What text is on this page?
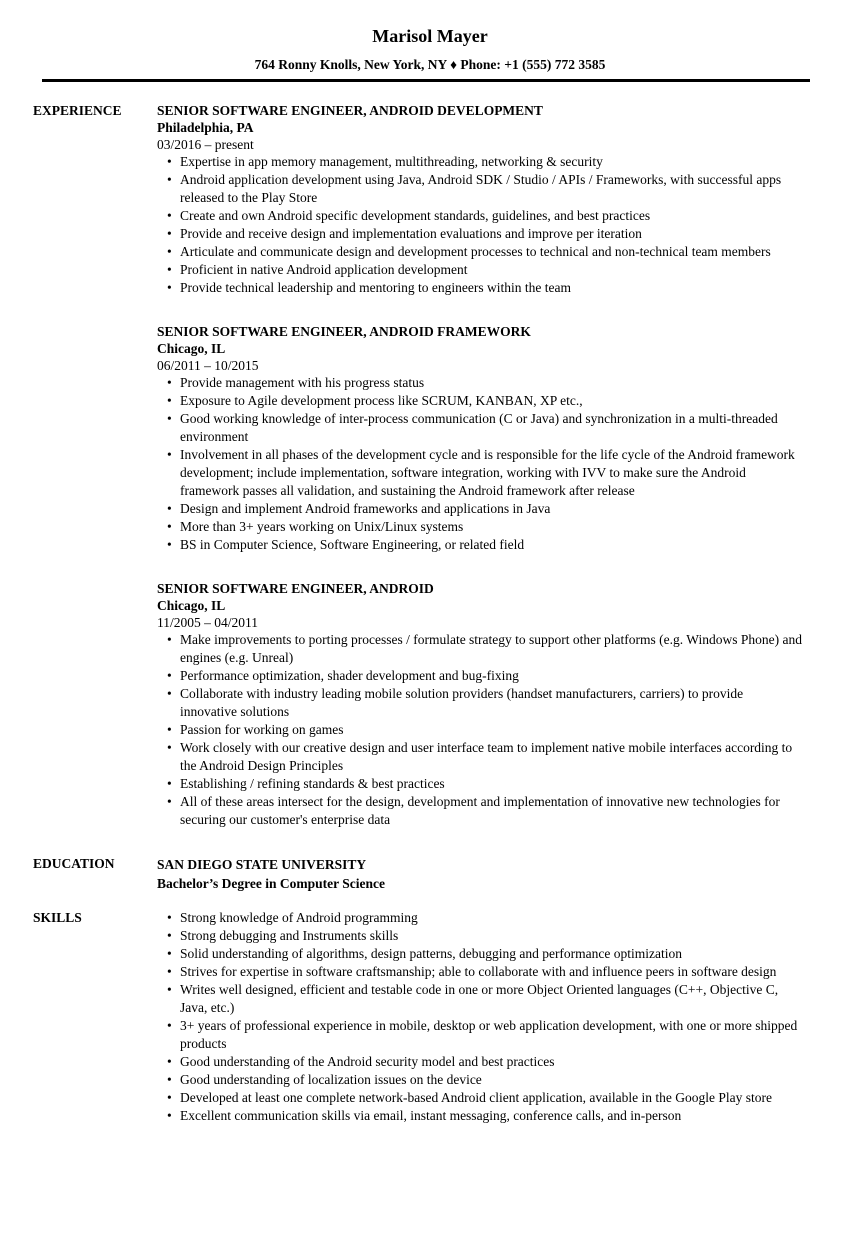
Marisol Mayer
764 Ronny Knolls, New York, NY ♦ Phone: +1 (555) 772 3585
EXPERIENCE	SENIOR SOFTWARE ENGINEER, ANDROID DEVELOPMENT
Philadelphia, PA
03/2016 – present
• Expertise in app memory management, multithreading, networking & security
• Android application development using Java, Android SDK / Studio / APIs / Frameworks, with successful apps released to the Play Store
• Create and own Android specific development standards, guidelines, and best practices
• Provide and receive design and implementation evaluations and improve per iteration
• Articulate and communicate design and development processes to technical and non-technical team members
• Proficient in native Android application development
• Provide technical leadership and mentoring to engineers within the team
SENIOR SOFTWARE ENGINEER, ANDROID FRAMEWORK
Chicago, IL
06/2011 – 10/2015
• Provide management with his progress status
• Exposure to Agile development process like SCRUM, KANBAN, XP etc.,
• Good working knowledge of inter-process communication (C or Java) and synchronization in a multi-threaded environment
• Involvement in all phases of the development cycle and is responsible for the life cycle of the Android framework development; include implementation, software integration, working with IVV to make sure the Android framework passes all validation, and sustaining the Android framework after release
• Design and implement Android frameworks and applications in Java
• More than 3+ years working on Unix/Linux systems
• BS in Computer Science, Software Engineering, or related field
SENIOR SOFTWARE ENGINEER, ANDROID
Chicago, IL
11/2005 – 04/2011
• Make improvements to porting processes / formulate strategy to support other platforms (e.g. Windows Phone) and engines (e.g. Unreal)
• Performance optimization, shader development and bug-fixing
• Collaborate with industry leading mobile solution providers (handset manufacturers, carriers) to provide innovative solutions
• Passion for working on games
• Work closely with our creative design and user interface team to implement native mobile interfaces according to the Android Design Principles
• Establishing / refining standards & best practices
• All of these areas intersect for the design, development and implementation of innovative new technologies for securing our customer's enterprise data
EDUCATION	SAN DIEGO STATE UNIVERSITY
Bachelor’s Degree in Computer Science
SKILLS	• Strong knowledge of Android programming
• Strong debugging and Instruments skills
• Solid understanding of algorithms, design patterns, debugging and performance optimization
• Strives for expertise in software craftsmanship; able to collaborate with and influence peers in software design
• Writes well designed, efficient and testable code in one or more Object Oriented languages (C++, Objective C, Java, etc.)
• 3+ years of professional experience in mobile, desktop or web application development, with one or more shipped products
• Good understanding of the Android security model and best practices
• Good understanding of localization issues on the device
• Developed at least one complete network-based Android client application, available in the Google Play store
• Excellent communication skills via email, instant messaging, conference calls, and in-person
